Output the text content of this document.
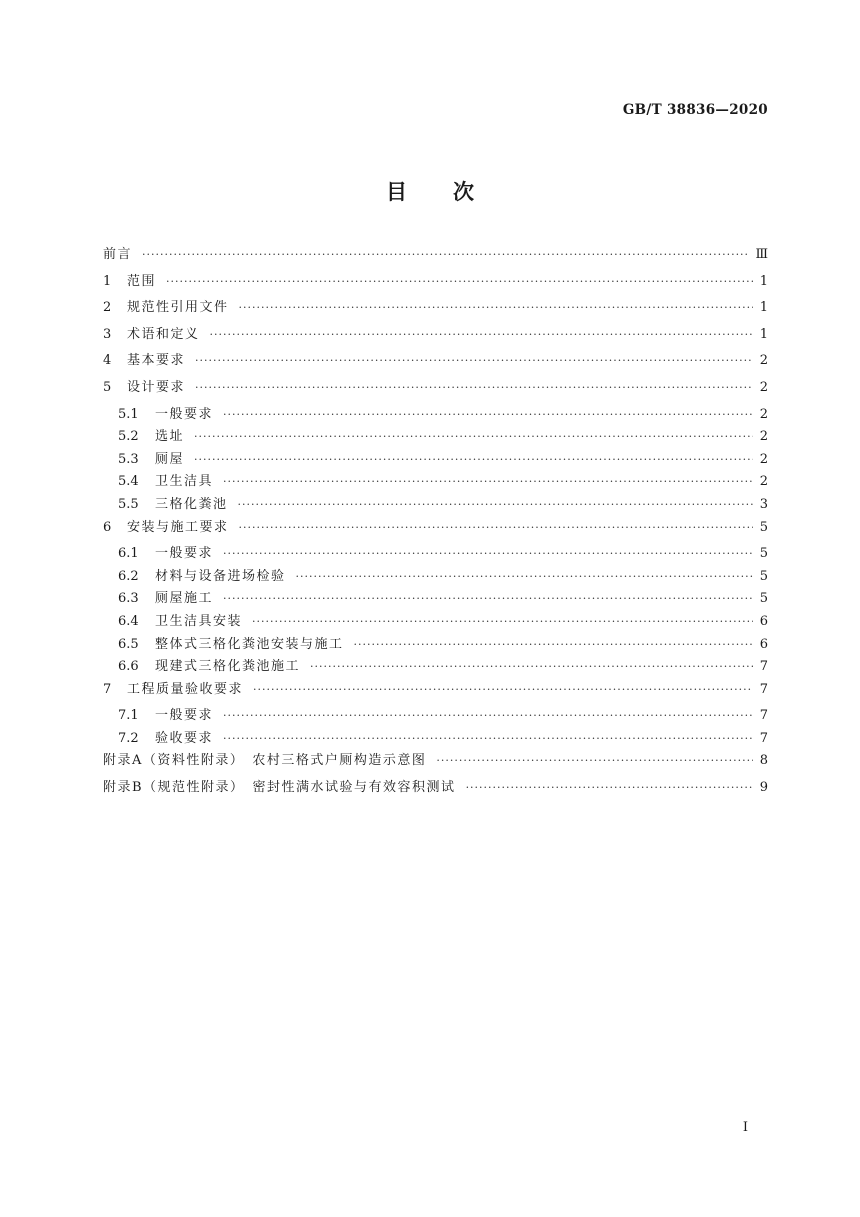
GB/T 38836—2020
目次
前言 ·····	Ⅲ
1 范围 ·····	1
2 规范性引用文件 ·····	1
3 术语和定义 ·····	1
4 基本要求 ·····	2
5 设计要求 ·····	2
5.1 一般要求 ·····	2
5.2 选址 ·····	2
5.3 厕屋 ·····	2
5.4 卫生洁具 ·····	2
5.5 三格化粪池 ·····	3
6 安装与施工要求 ·····	5
6.1 一般要求 ·····	5
6.2 材料与设备进场检验 ·····	5
6.3 厕屋施工 ·····	5
6.4 卫生洁具安装 ·····	6
6.5 整体式三格化粪池安装与施工 ·····	6
6.6 现建式三格化粪池施工 ·····	7
7 工程质量验收要求 ·····	7
7.1 一般要求 ·····	7
7.2 验收要求 ·····	7
附录A（资料性附录）　农村三格式户厕构造示意图 ·····	8
附录B（规范性附录）　密封性满水试验与有效容积测试 ·····	9
I
